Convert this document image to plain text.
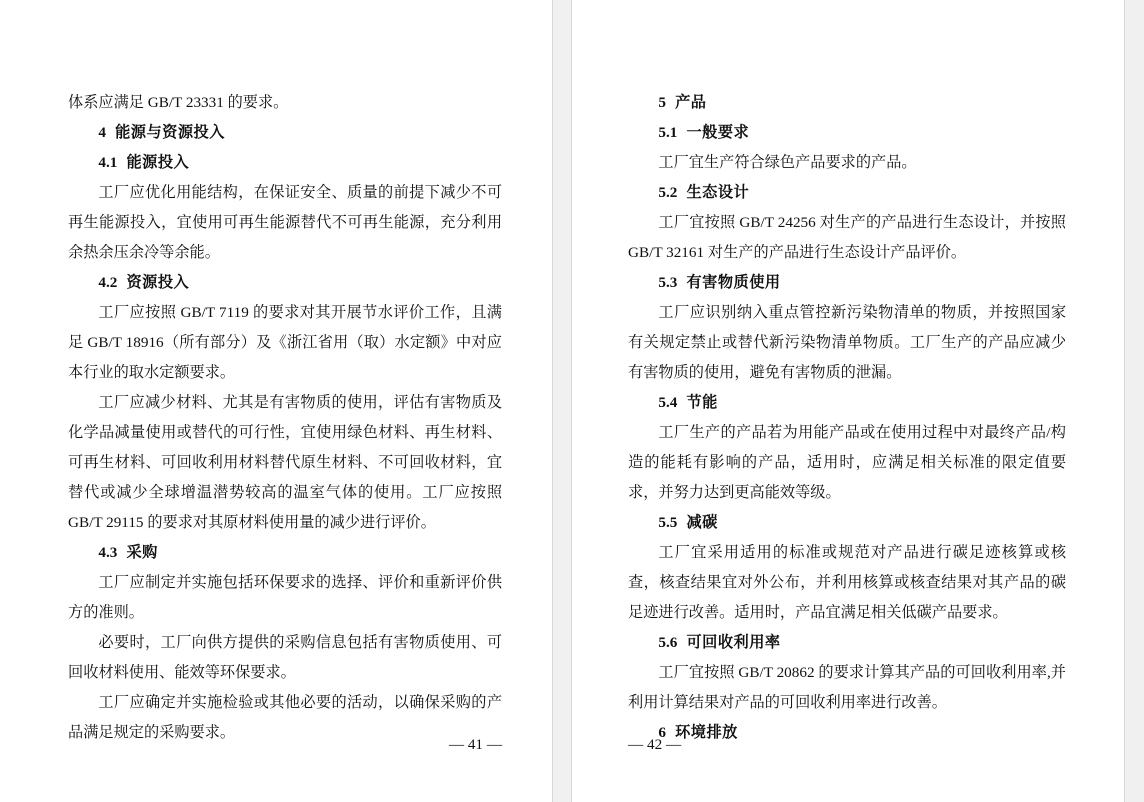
体系应满足 GB/T 23331 的要求。

4 能源与资源投入

4.1 能源投入

工厂应优化用能结构，在保证安全、质量的前提下减少不可再生能源投入，宜使用可再生能源替代不可再生能源，充分利用余热余压余冷等余能。

4.2 资源投入

工厂应按照 GB/T 7119 的要求对其开展节水评价工作，且满足 GB/T 18916（所有部分）及《浙江省用（取）水定额》中对应本行业的取水定额要求。

工厂应减少材料、尤其是有害物质的使用，评估有害物质及化学品减量使用或替代的可行性，宜使用绿色材料、再生材料、可再生材料、可回收利用材料替代原生材料、不可回收材料，宜替代或减少全球增温潜势较高的温室气体的使用。工厂应按照 GB/T 29115 的要求对其原材料使用量的减少进行评价。

4.3 采购

工厂应制定并实施包括环保要求的选择、评价和重新评价供方的准则。

必要时，工厂向供方提供的采购信息包括有害物质使用、可回收材料使用、能效等环保要求。

工厂应确定并实施检验或其他必要的活动，以确保采购的产品满足规定的采购要求。

— 41 —

5 产品

5.1 一般要求

工厂宜生产符合绿色产品要求的产品。

5.2 生态设计

工厂宜按照 GB/T 24256 对生产的产品进行生态设计，并按照 GB/T 32161 对生产的产品进行生态设计产品评价。

5.3 有害物质使用

工厂应识别纳入重点管控新污染物清单的物质，并按照国家有关规定禁止或替代新污染物清单物质。工厂生产的产品应减少有害物质的使用，避免有害物质的泄漏。

5.4 节能

工厂生产的产品若为用能产品或在使用过程中对最终产品/构造的能耗有影响的产品，适用时，应满足相关标准的限定值要求，并努力达到更高能效等级。

5.5 减碳

工厂宜采用适用的标准或规范对产品进行碳足迹核算或核查，核查结果宜对外公布，并利用核算或核查结果对其产品的碳足迹进行改善。适用时，产品宜满足相关低碳产品要求。

5.6 可回收利用率

工厂宜按照 GB/T 20862 的要求计算其产品的可回收利用率,并利用计算结果对产品的可回收利用率进行改善。

6 环境排放

— 42 —
